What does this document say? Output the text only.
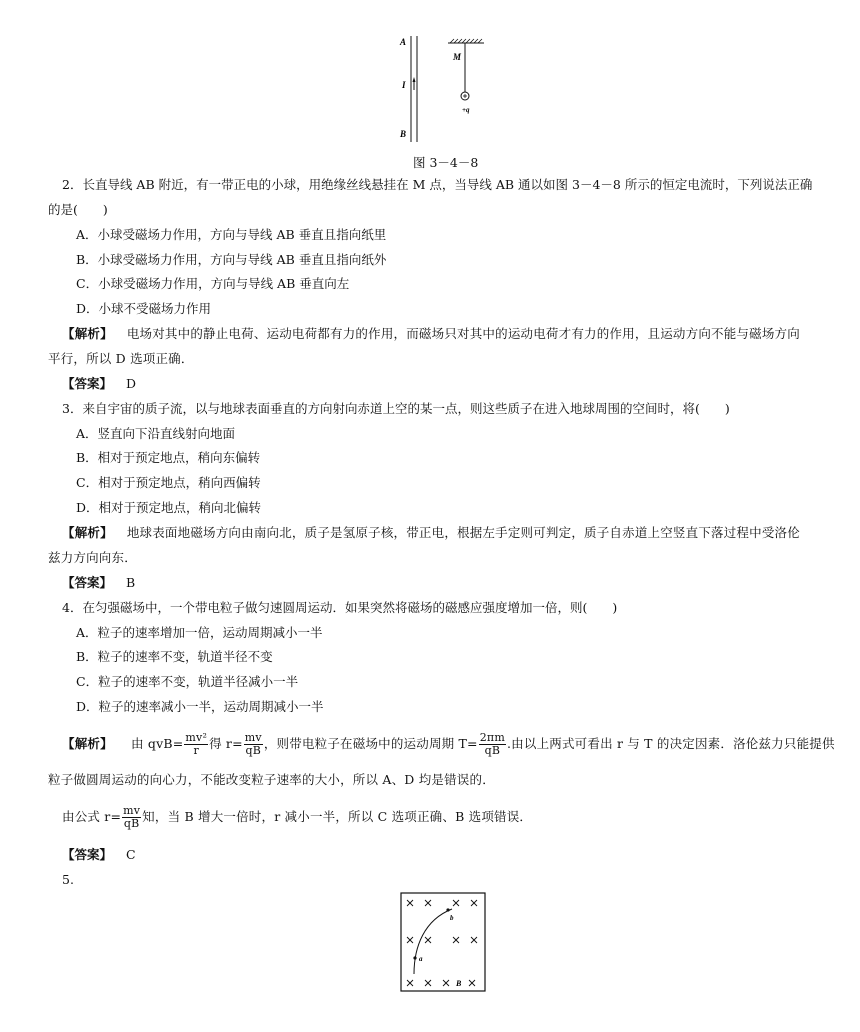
A
I
B
M
+q
图 3－4－8
2．长直导线 AB 附近，有一带正电的小球，用绝缘丝线悬挂在 M 点，当导线 AB 通以如图 3－4－8 所示的恒定电流时，下列说法正确
的是(　　)
A．小球受磁场力作用，方向与导线 AB 垂直且指向纸里
B．小球受磁场力作用，方向与导线 AB 垂直且指向纸外
C．小球受磁场力作用，方向与导线 AB 垂直向左
D．小球不受磁场力作用
【解析】 电场对其中的静止电荷、运动电荷都有力的作用，而磁场只对其中的运动电荷才有力的作用，且运动方向不能与磁场方向
平行，所以 D 选项正确．
【答案】 D
3．来自宇宙的质子流，以与地球表面垂直的方向射向赤道上空的某一点，则这些质子在进入地球周围的空间时，将(　　)
A．竖直向下沿直线射向地面
B．相对于预定地点，稍向东偏转
C．相对于预定地点，稍向西偏转
D．相对于预定地点，稍向北偏转
【解析】 地球表面地磁场方向由南向北，质子是氢原子核，带正电，根据左手定则可判定，质子自赤道上空竖直下落过程中受洛伦
兹力方向向东．
【答案】 B
4．在匀强磁场中，一个带电粒子做匀速圆周运动．如果突然将磁场的磁感应强度增加一倍，则(　　)
A．粒子的速率增加一倍，运动周期减小一半
B．粒子的速率不变，轨道半径不变
C．粒子的速率不变，轨道半径减小一半
D．粒子的速率减小一半，运动周期减小一半
【解析】 由 $qvB= \frac{\text{mv²}}{r}$ 得 $r= \frac{mv}{qB}$ ，则带电粒子在磁场中的运动周期 $T= \frac{2\pi m}{qB}$ .由以上两式可看出 r 与 T 的决定因素．洛伦兹力只能提供
粒子做圆周运动的向心力，不能改变粒子速率的大小，所以 A、D 均是错误的．
由公式 $r= \frac{mv}{qB}$ 知，当 B 增大一倍时，r 减小一半，所以 C 选项正确、B 选项错误．
【答案】 C
5.
a
b
B
